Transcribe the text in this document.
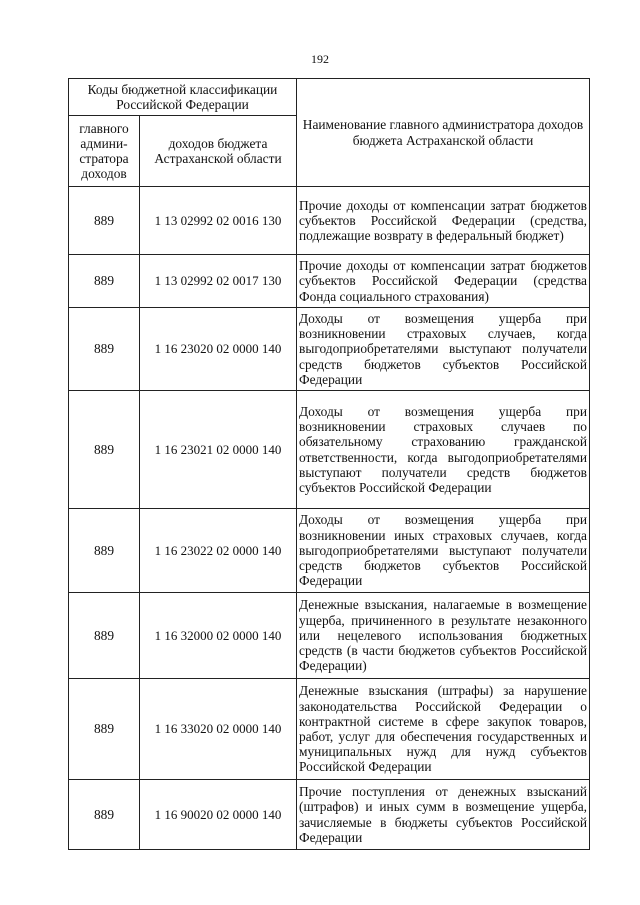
192
Коды бюджетной классификации Российской Федерации		Наименование главного администратора доходов бюджета Астраханской области
главного админи-стратора доходов	доходов бюджета Астраханской области	
889	1 13 02992 02 0016 130	Прочие доходы от компенсации затрат бюджетов субъектов Российской Федерации (средства, подлежащие возврату в федеральный бюджет)
889	1 13 02992 02 0017 130	Прочие доходы от компенсации затрат бюджетов субъектов Российской Федерации (средства Фонда социального страхования)
889	1 16 23020 02 0000 140	Доходы от возмещения ущерба при возникновении страховых случаев, когда выгодоприобретателями выступают получатели средств бюджетов субъектов Российской Федерации
889	1 16 23021 02 0000 140	Доходы от возмещения ущерба при возникновении страховых случаев по обязательному страхованию гражданской ответственности, когда выгодоприобретателями выступают получатели средств бюджетов субъектов Российской Федерации
889	1 16 23022 02 0000 140	Доходы от возмещения ущерба при возникновении иных страховых случаев, когда выгодоприобретателями выступают получатели средств бюджетов субъектов Российской Федерации
889	1 16 32000 02 0000 140	Денежные взыскания, налагаемые в возмещение ущерба, причиненного в результате незаконного или нецелевого использования бюджетных средств (в части бюджетов субъектов Российской Федерации)
889	1 16 33020 02 0000 140	Денежные взыскания (штрафы) за нарушение законодательства Российской Федерации о контрактной системе в сфере закупок товаров, работ, услуг для обеспечения государственных и муниципальных нужд для нужд субъектов Российской Федерации
889	1 16 90020 02 0000 140	Прочие поступления от денежных взысканий (штрафов) и иных сумм в возмещение ущерба, зачисляемые в бюджеты субъектов Российской Федерации
